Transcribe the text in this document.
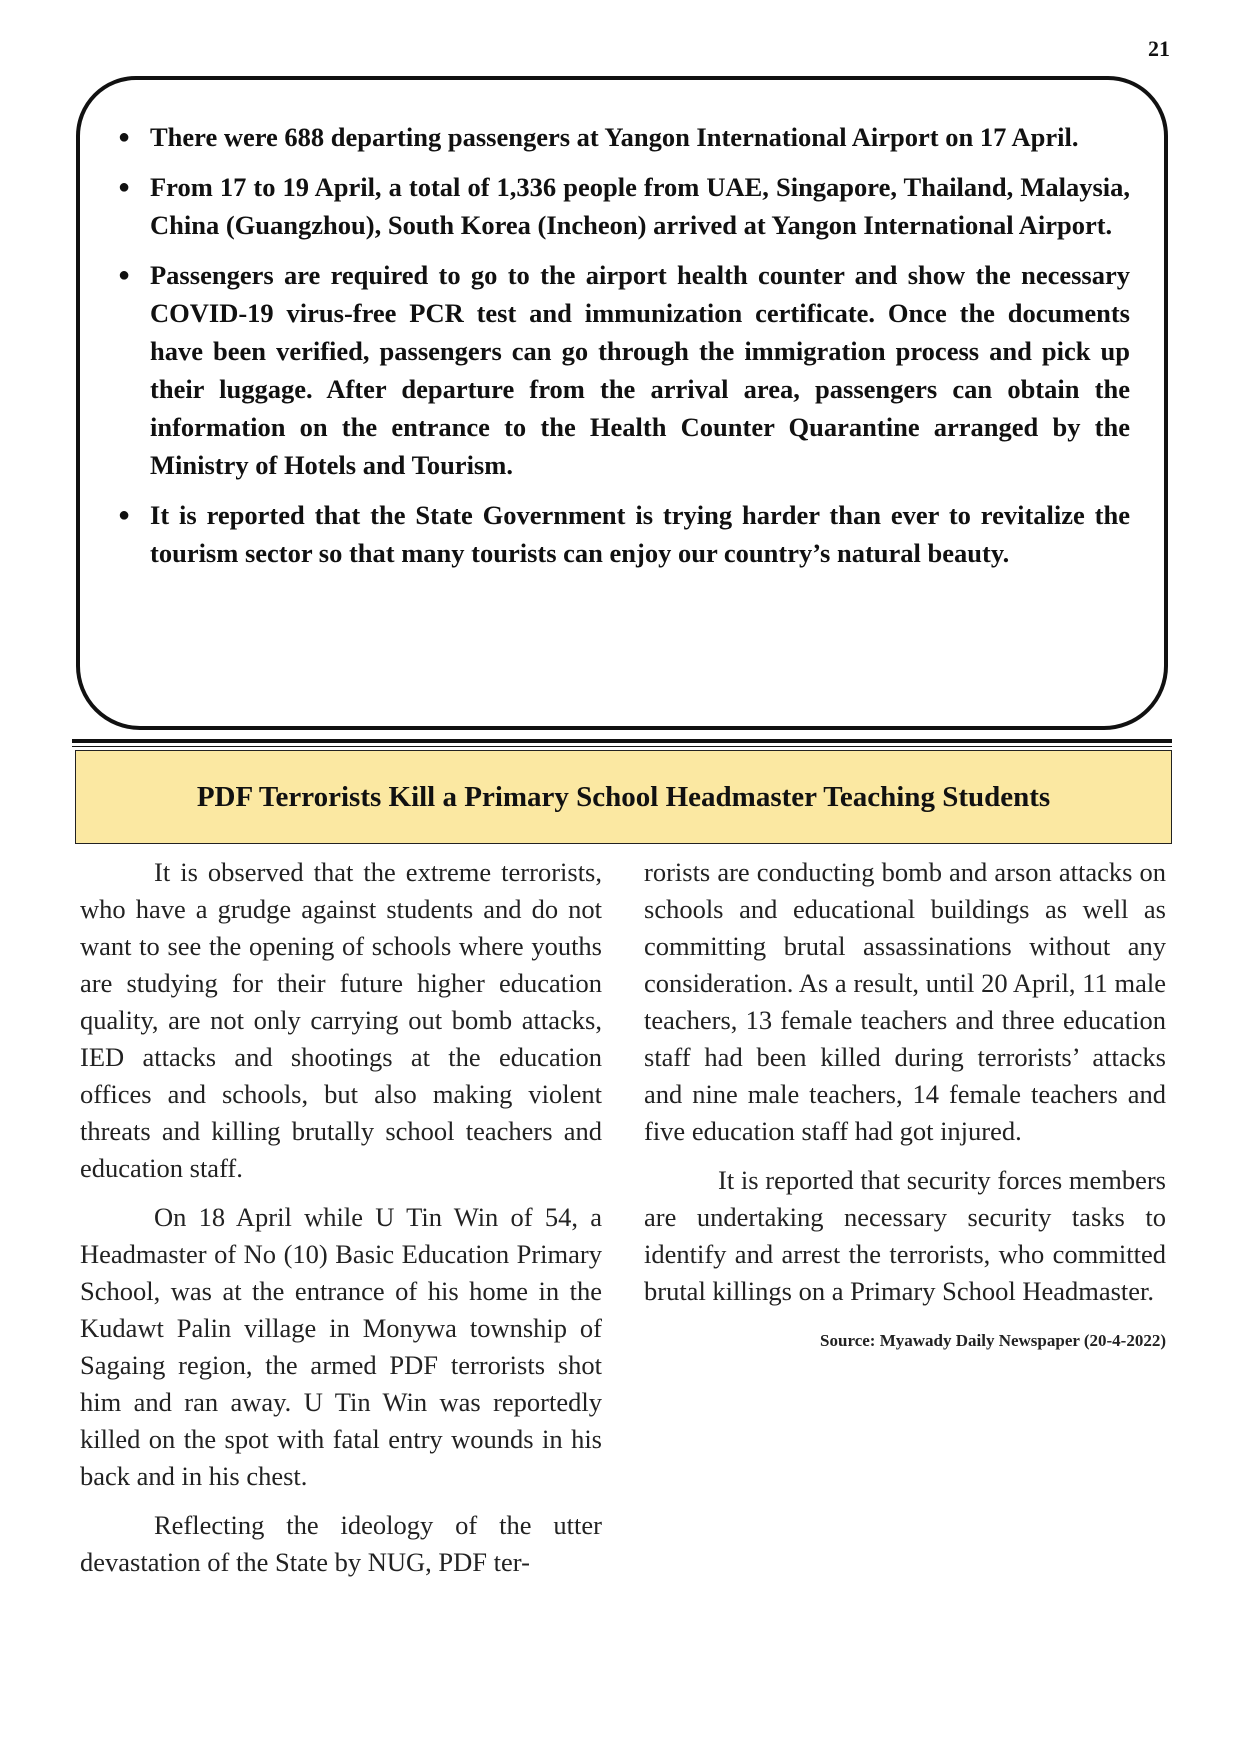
21
● There were 688 departing passengers at Yangon International Airport on 17 April.
● From 17 to 19 April, a total of 1,336 people from UAE, Singapore, Thailand, Malaysia, China (Guangzhou), South Korea (Incheon) arrived at Yangon International Airport.
● Passengers are required to go to the airport health counter and show the necessary COVID-19 virus-free PCR test and immunization certificate. Once the documents have been verified, passengers can go through the immigration process and pick up their luggage. After departure from the arrival area, passengers can obtain the information on the entrance to the Health Counter Quarantine arranged by the Ministry of Hotels and Tourism.
● It is reported that the State Government is trying harder than ever to revitalize the tourism sector so that many tourists can enjoy our country’s natural beauty.
PDF Terrorists Kill a Primary School Headmaster Teaching Students

It is observed that the extreme terrorists, who have a grudge against students and do not want to see the opening of schools where youths are studying for their future higher education quality, are not only carrying out bomb attacks, IED attacks and shootings at the education offices and schools, but also making violent threats and killing brutally school teachers and education staff.

On 18 April while U Tin Win of 54, a Headmaster of No (10) Basic Education Primary School, was at the entrance of his home in the Kudawt Palin village in Monywa township of Sagaing region, the armed PDF terrorists shot him and ran away. U Tin Win was reportedly killed on the spot with fatal entry wounds in his back and in his chest.

Reflecting the ideology of the utter devastation of the State by NUG, PDF ter-

rorists are conducting bomb and arson attacks on schools and educational buildings as well as committing brutal assassinations without any consideration. As a result, until 20 April, 11 male teachers, 13 female teachers and three education staff had been killed during terrorists’ attacks and nine male teachers, 14 female teachers and five education staff had got injured.

It is reported that security forces members are undertaking necessary security tasks to identify and arrest the terrorists, who committed brutal killings on a Primary School Headmaster.

Source: Myawady Daily Newspaper (20-4-2022)
